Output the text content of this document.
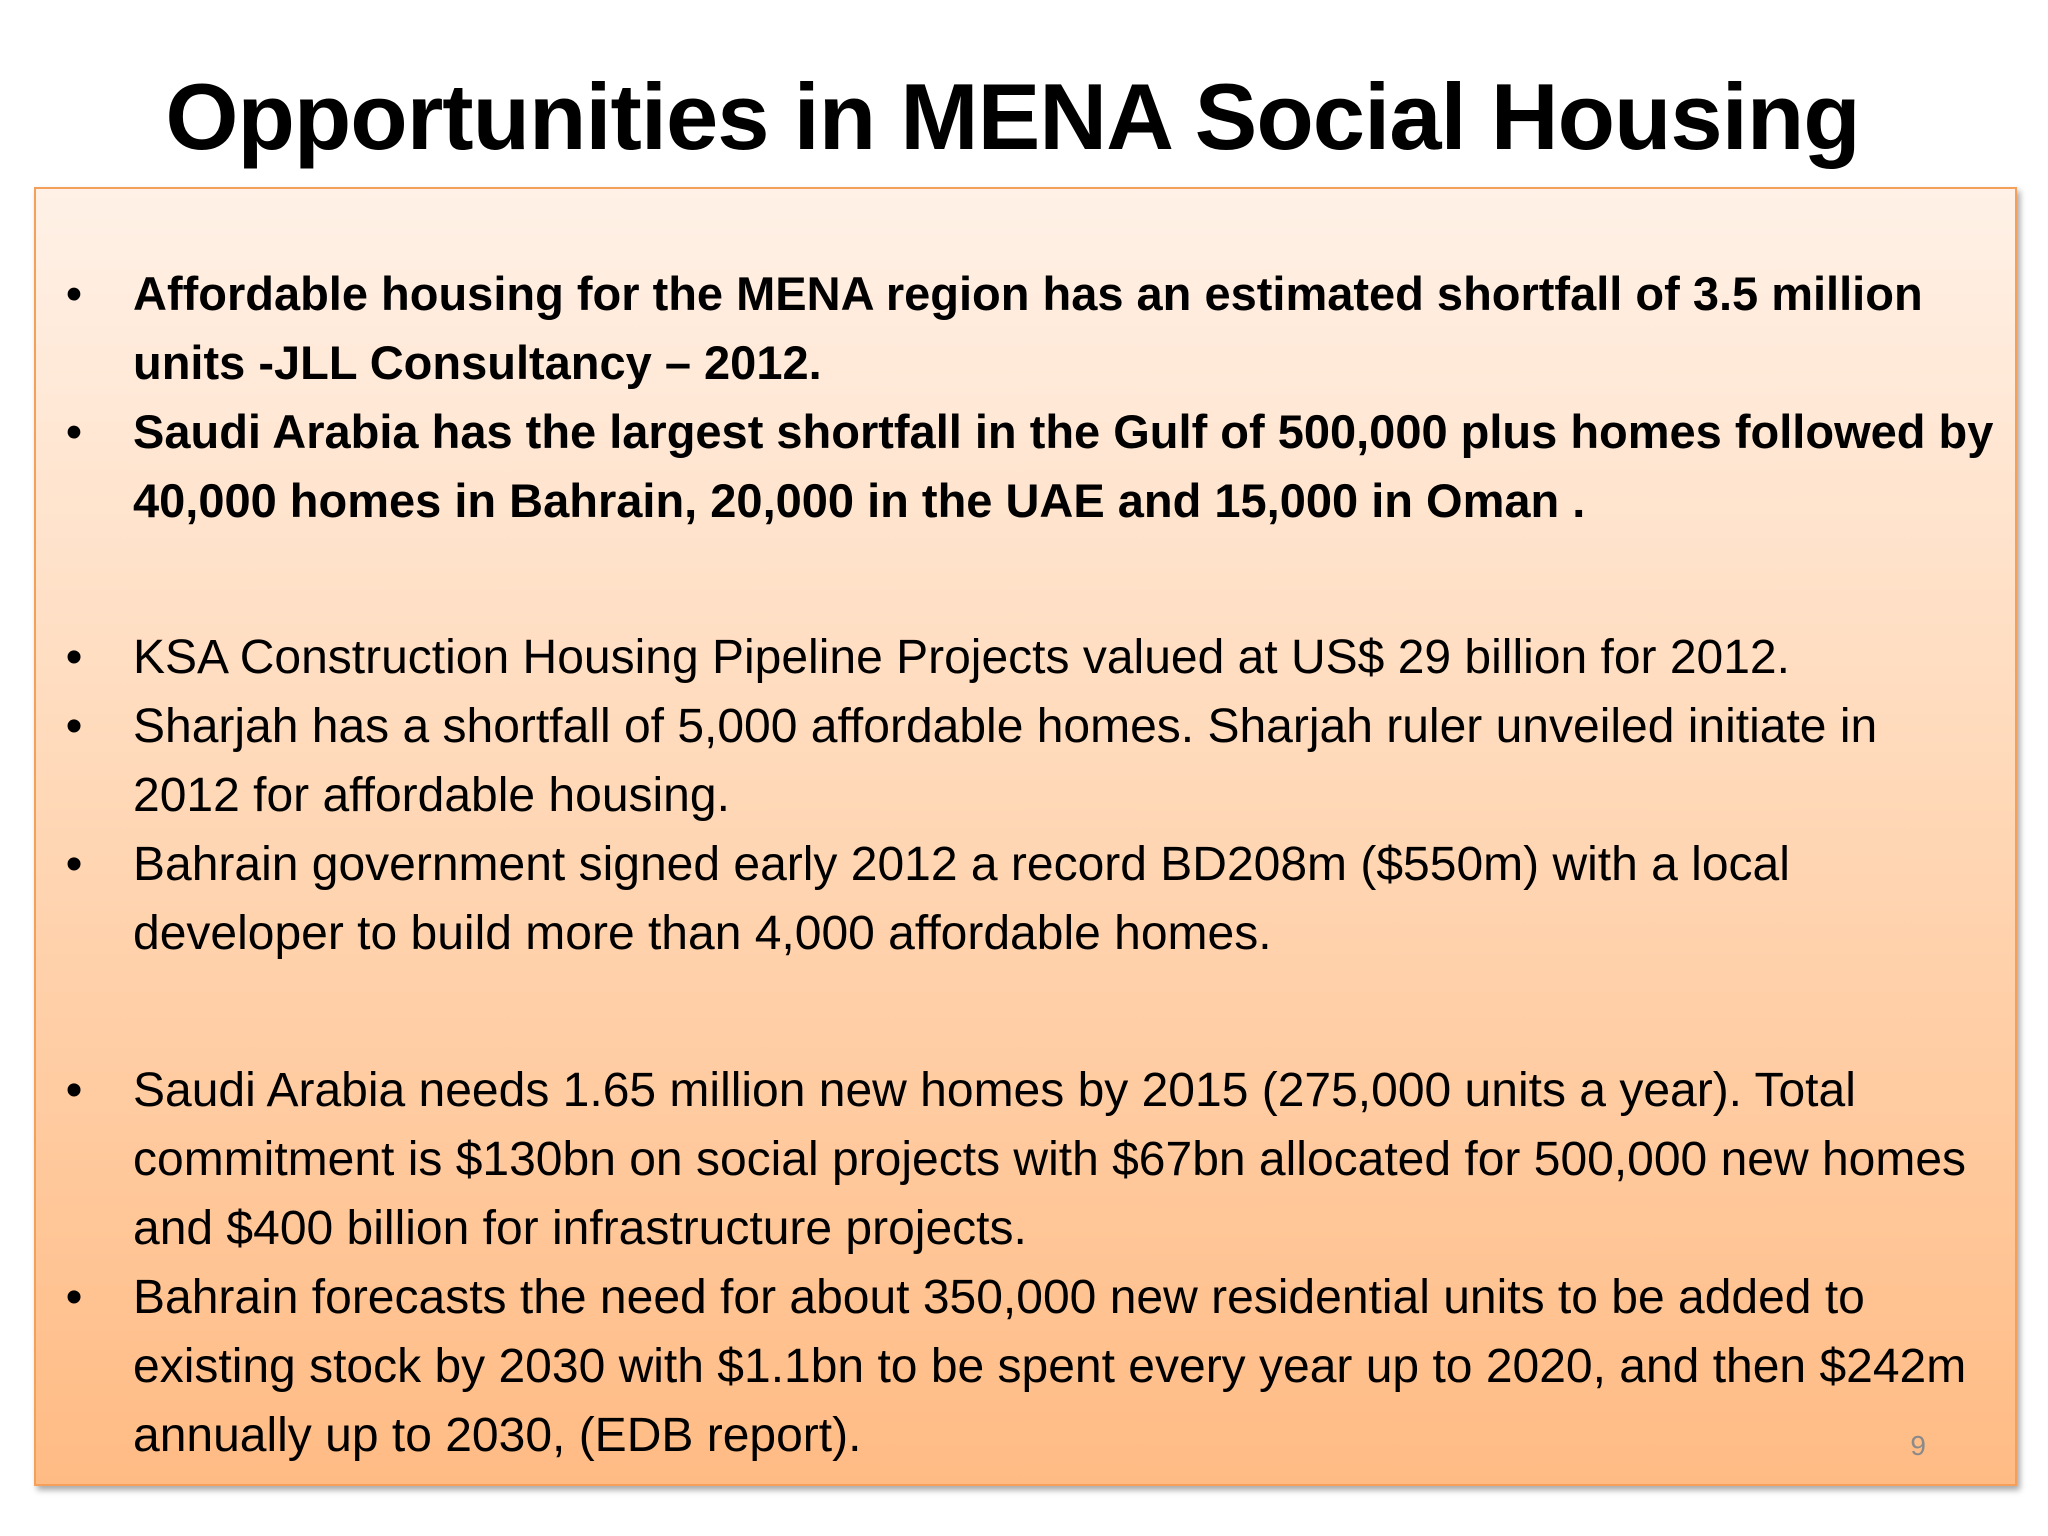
Opportunities in MENA Social Housing
• Affordable housing for the MENA region has an estimated shortfall of 3.5 million units -JLL Consultancy – 2012.
• Saudi Arabia has the largest shortfall in the Gulf of 500,000 plus homes followed by 40,000 homes in Bahrain, 20,000 in the UAE and 15,000 in Oman .
• KSA Construction Housing Pipeline Projects valued at US$ 29 billion for 2012.
• Sharjah has a shortfall of 5,000 affordable homes. Sharjah ruler unveiled initiate in 2012 for affordable housing.
• Bahrain government signed early 2012 a record BD208m ($550m) with a local developer to build more than 4,000 affordable homes.
• Saudi Arabia needs 1.65 million new homes by 2015 (275,000 units a year). Total commitment is $130bn on social projects with $67bn allocated for 500,000 new homes and $400 billion for infrastructure projects.
• Bahrain forecasts the need for about 350,000 new residential units to be added to existing stock by 2030 with $1.1bn to be spent every year up to 2020, and then $242m annually up to 2030, (EDB report).	9
